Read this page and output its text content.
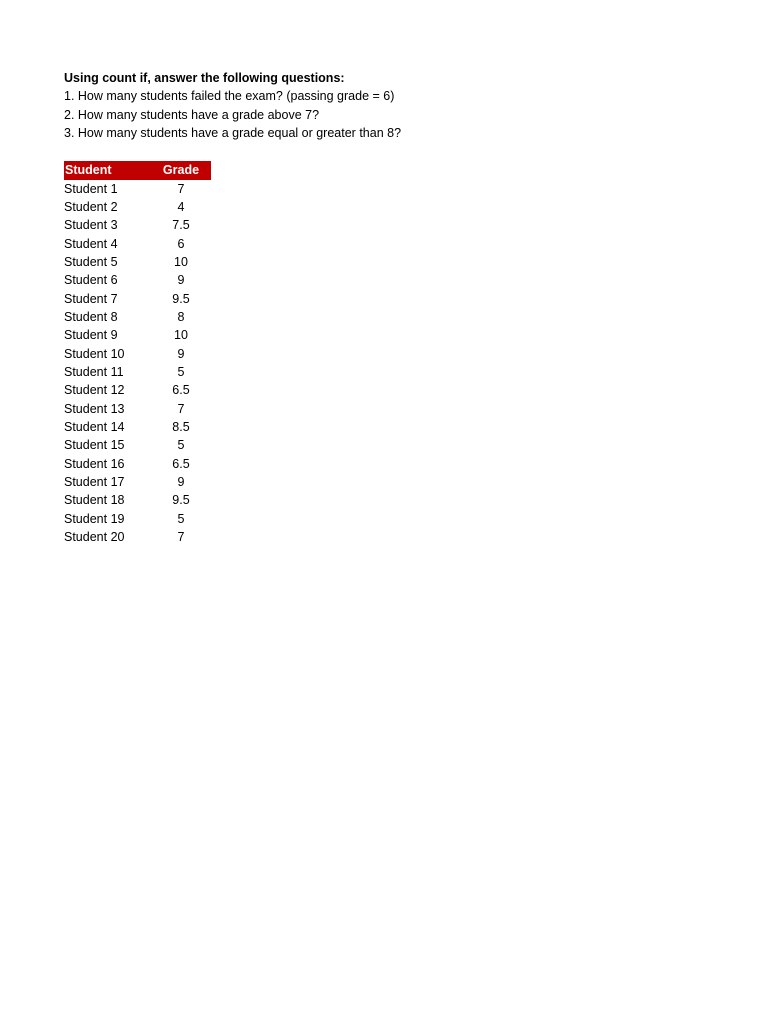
Using count if, answer the following questions:
1. How many students failed the exam? (passing grade = 6)
2. How many students have a grade above 7?
3. How many students have a grade equal or greater than 8?
Student	Grade
Student 1	7
Student 2	4
Student 3	7.5
Student 4	6
Student 5	10
Student 6	9
Student 7	9.5
Student 8	8
Student 9	10
Student 10	9
Student 11	5
Student 12	6.5
Student 13	7
Student 14	8.5
Student 15	5
Student 16	6.5
Student 17	9
Student 18	9.5
Student 19	5
Student 20	7
